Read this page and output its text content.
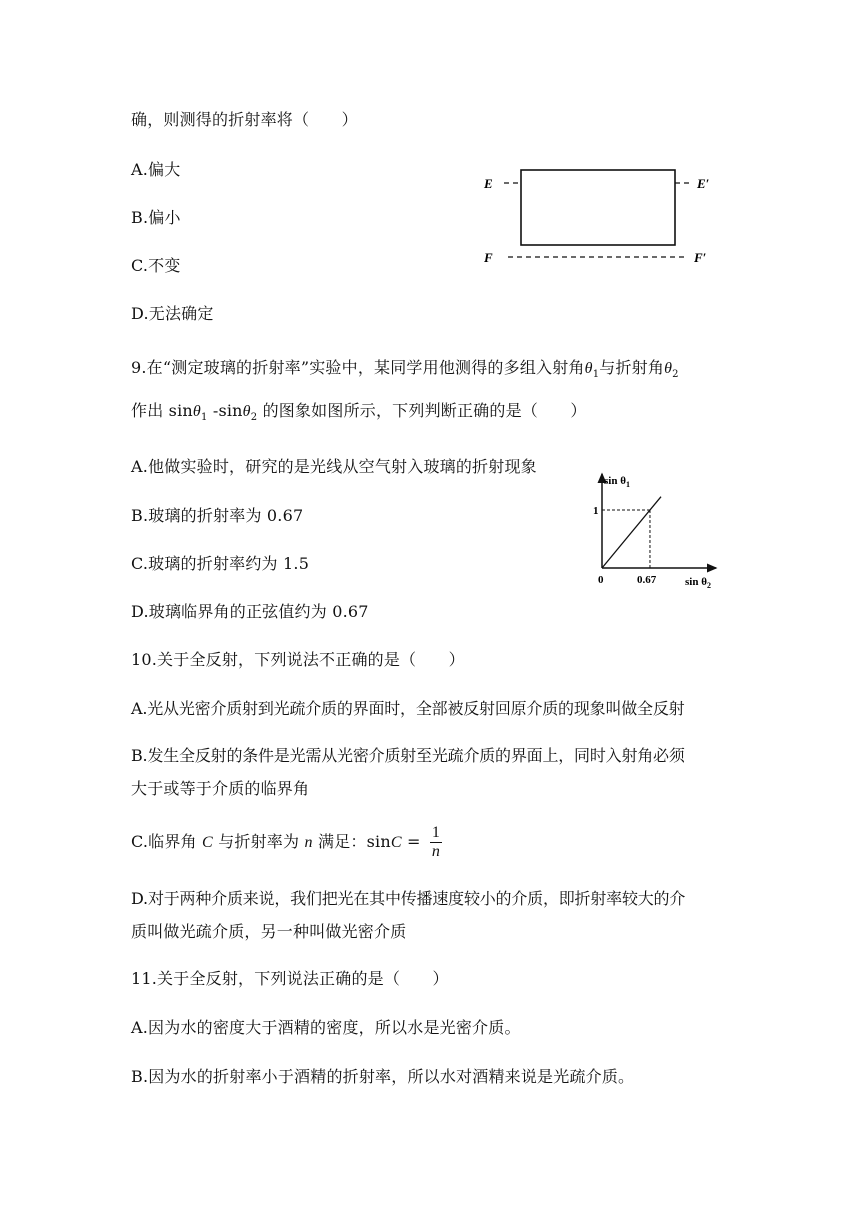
确，则测得的折射率将（　　）
A.偏大
B.偏小
C.不变
D.无法确定
E	E′
F	F′
9.在“测定玻璃的折射率”实验中，某同学用他测得的多组入射角$\theta_1$与折射角$\theta_2$
作出 sinθ$_1$ -sinθ$_2$ 的图象如图所示，下列判断正确的是（　　）
A.他做实验时，研究的是光线从空气射入玻璃的折射现象
B.玻璃的折射率为 0.67
C.玻璃的折射率约为 1.5
D.玻璃临界角的正弦值约为 0.67
$\sin \theta_1$
$\sin \theta_2$
0
1
0.67
10.关于全反射，下列说法不正确的是（　　）
A.光从光密介质射到光疏介质的界面时，全部被反射回原介质的现象叫做全反射
B.发生全反射的条件是光需从光密介质射至光疏介质的界面上，同时入射角必须
大于或等于介质的临界角
C.临界角 C 与折射率为 n 满足：$\sin C = \frac{1}{n}$
D.对于两种介质来说，我们把光在其中传播速度较小的介质，即折射率较大的介
质叫做光疏介质，另一种叫做光密介质
11.关于全反射，下列说法正确的是（　　）
A.因为水的密度大于酒精的密度，所以水是光密介质。
B.因为水的折射率小于酒精的折射率，所以水对酒精来说是光疏介质。
